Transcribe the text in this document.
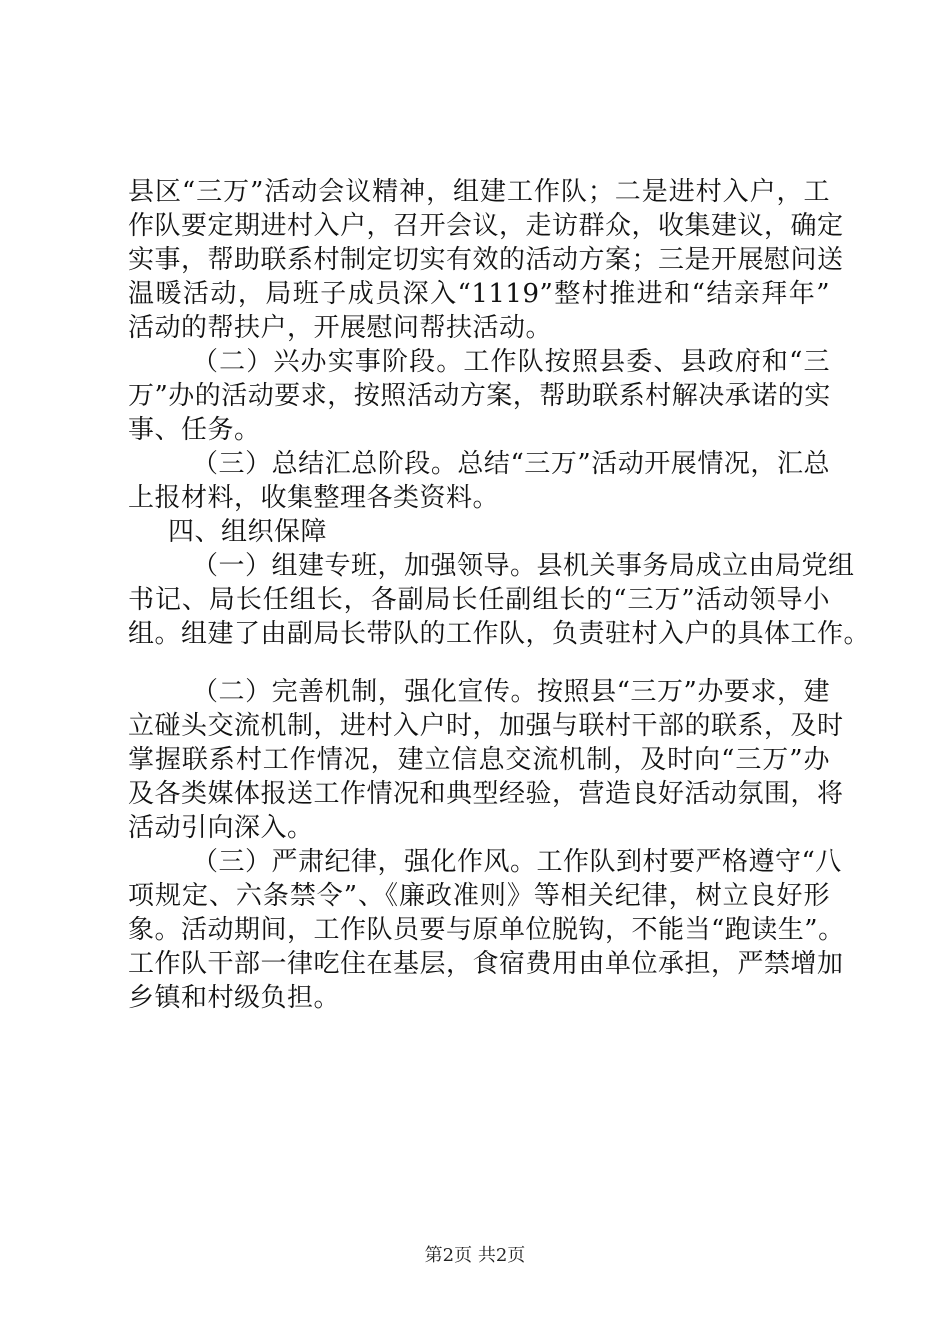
县区“三万”活动会议精神，组建工作队；二是进村入户，工
作队要定期进村入户，召开会议，走访群众，收集建议，确定
实事，帮助联系村制定切实有效的活动方案；三是开展慰问送
温暖活动，局班子成员深入“1119”整村推进和“结亲拜年”
活动的帮扶户，开展慰问帮扶活动。
（二）兴办实事阶段。工作队按照县委、县政府和“三
万”办的活动要求，按照活动方案，帮助联系村解决承诺的实
事、任务。
（三）总结汇总阶段。总结“三万”活动开展情况，汇总
上报材料，收集整理各类资料。
四、组织保障
（一）组建专班，加强领导。县机关事务局成立由局党组
书记、局长任组长，各副局长任副组长的“三万”活动领导小
组。组建了由副局长带队的工作队，负责驻村入户的具体工作。
（二）完善机制，强化宣传。按照县“三万”办要求，建
立碰头交流机制，进村入户时，加强与联村干部的联系，及时
掌握联系村工作情况，建立信息交流机制，及时向“三万”办
及各类媒体报送工作情况和典型经验，营造良好活动氛围，将
活动引向深入。
（三）严肃纪律，强化作风。工作队到村要严格遵守“八
项规定、六条禁令”、《廉政准则》等相关纪律，树立良好形
象。活动期间，工作队员要与原单位脱钩，不能当“跑读生”。
工作队干部一律吃住在基层，食宿费用由单位承担，严禁增加
乡镇和村级负担。
第2页 共2页
